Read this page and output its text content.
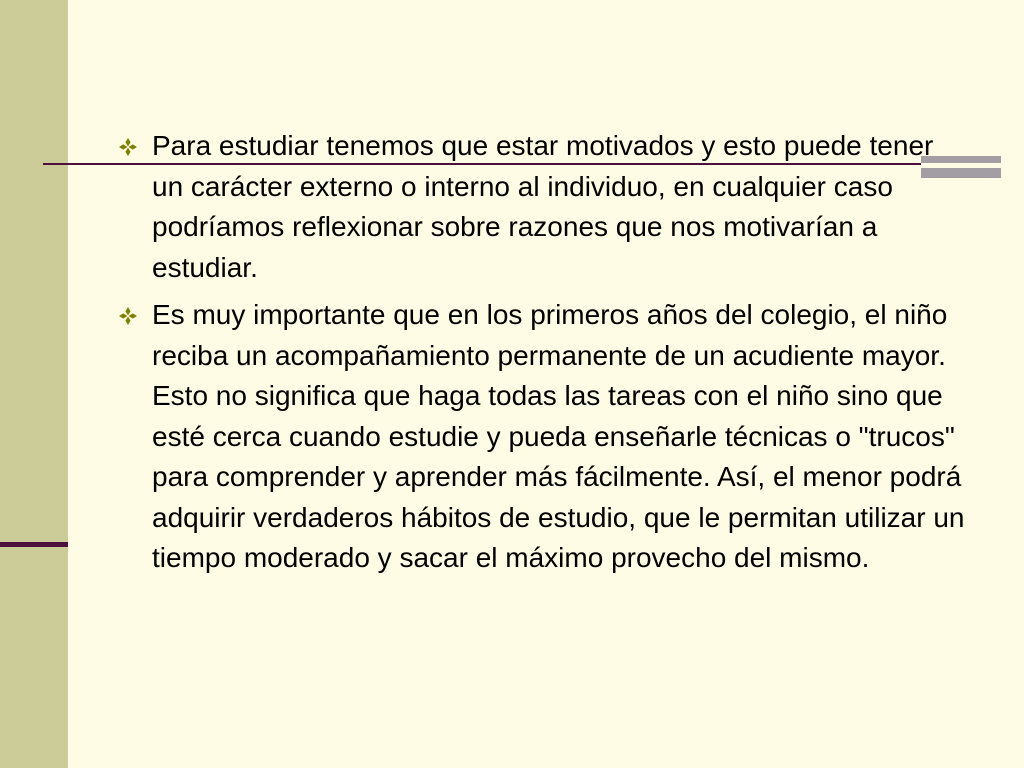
Para estudiar tenemos que estar motivados y esto puede tener un carácter externo o interno al individuo, en cualquier caso podríamos reflexionar sobre razones que nos motivarían a estudiar.
Es muy importante que en los primeros años del colegio, el niño reciba un acompañamiento permanente de un acudiente mayor. Esto no significa que haga todas las tareas con el niño sino que esté cerca cuando estudie y pueda enseñarle técnicas o "trucos" para comprender y aprender más fácilmente. Así, el menor podrá adquirir verdaderos hábitos de estudio, que le permitan utilizar un tiempo moderado y sacar el máximo provecho del mismo.
